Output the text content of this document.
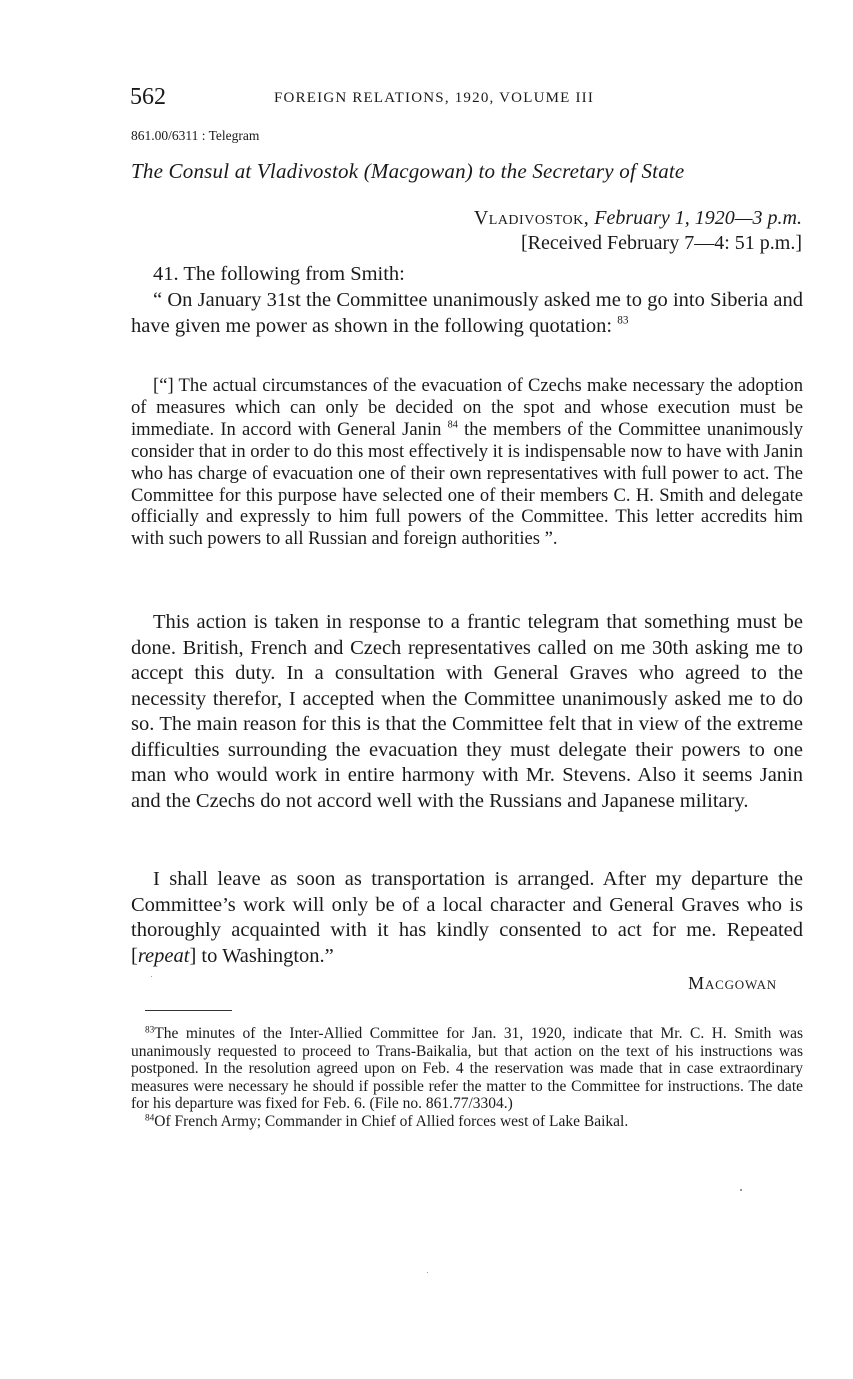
562	FOREIGN RELATIONS, 1920, VOLUME III
861.00/6311 : Telegram
The Consul at Vladivostok (Macgowan) to the Secretary of State
Vladivostok, February 1, 1920—3 p.m.
[Received February 7—4: 51 p.m.]

41. The following from Smith:

“ On January 31st the Committee unanimously asked me to go into Siberia and have given me power as shown in the following quotation: $^{83}$

[“] The actual circumstances of the evacuation of Czechs make necessary the adoption of measures which can only be decided on the spot and whose execution must be immediate. In accord with General Janin $^{84}$ the members of the Committee unanimously consider that in order to do this most effectively it is indispensable now to have with Janin who has charge of evacuation one of their own representatives with full power to act. The Committee for this purpose have selected one of their members C. H. Smith and delegate officially and expressly to him full powers of the Committee. This letter accredits him with such powers to all Russian and foreign authorities ”.

This action is taken in response to a frantic telegram that something must be done. British, French and Czech representatives called on me 30th asking me to accept this duty. In a consultation with General Graves who agreed to the necessity therefor, I accepted when the Committee unanimously asked me to do so. The main reason for this is that the Committee felt that in view of the extreme difficulties surrounding the evacuation they must delegate their powers to one man who would work in entire harmony with Mr. Stevens. Also it seems Janin and the Czechs do not accord well with the Russians and Japanese military.

I shall leave as soon as transportation is arranged. After my departure the Committee’s work will only be of a local character and General Graves who is thoroughly acquainted with it has kindly consented to act for me. Repeated [repeat] to Washington.”

Macgowan

$^{83}$The minutes of the Inter-Allied Committee for Jan. 31, 1920, indicate that Mr. C. H. Smith was unanimously requested to proceed to Trans-Baikalia, but that action on the text of his instructions was postponed. In the resolution agreed upon on Feb. 4 the reservation was made that in case extraordinary measures were necessary he should if possible refer the matter to the Committee for instructions. The date for his departure was fixed for Feb. 6. (File no. 861.77/3304.)

$^{84}$Of French Army; Commander in Chief of Allied forces west of Lake Baikal.
